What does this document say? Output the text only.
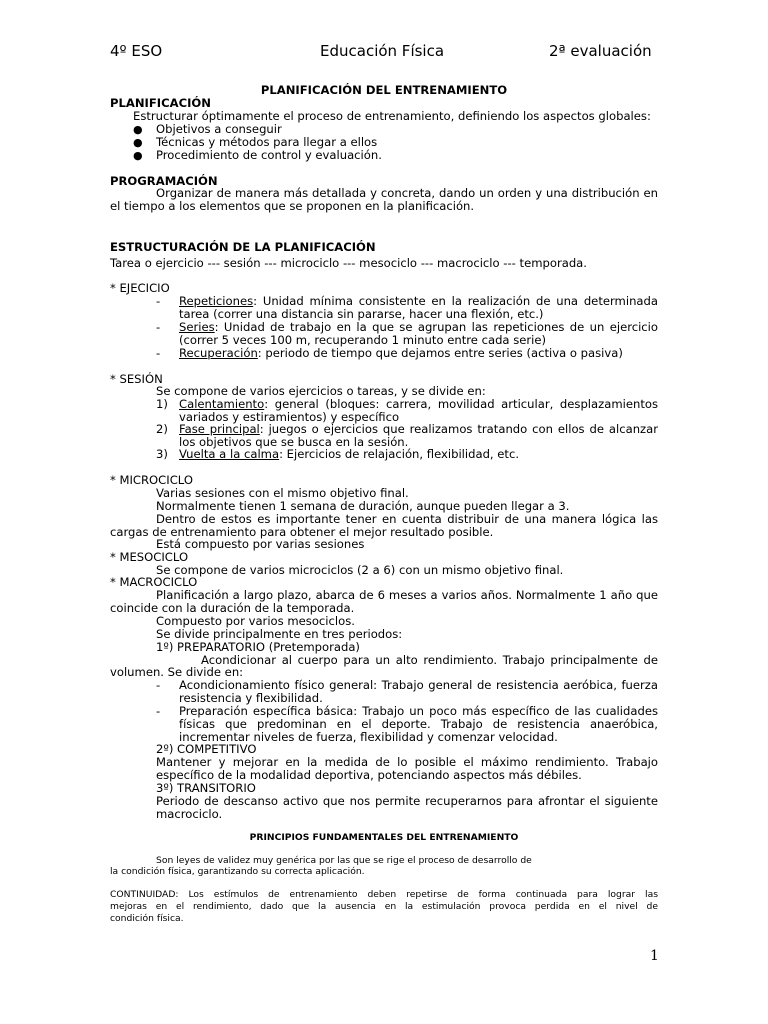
4º ESO	Educación Física	2ª evaluación
PLANIFICACIÓN DEL ENTRENAMIENTO
PLANIFICACIÓN
Estructurar óptimamente el proceso de entrenamiento, definiendo los aspectos globales:
● Objetivos a conseguir
● Técnicas y métodos para llegar a ellos
● Procedimiento de control y evaluación.
PROGRAMACIÓN
Organizar de manera más detallada y concreta, dando un orden y una distribución en
el tiempo a los elementos que se proponen en la planificación.
ESTRUCTURACIÓN DE LA PLANIFICACIÓN
Tarea o ejercicio --- sesión --- microciclo --- mesociclo --- macrociclo --- temporada.
* EJECICIO
- Repeticiones: Unidad mínima consistente en la realización de una determinada
tarea (correr una distancia sin pararse, hacer una flexión, etc.)
- Series: Unidad de trabajo en la que se agrupan las repeticiones de un ejercicio
(correr 5 veces 100 m, recuperando 1 minuto entre cada serie)
- Recuperación: periodo de tiempo que dejamos entre series (activa o pasiva)
* SESIÓN
Se compone de varios ejercicios o tareas, y se divide en:
1) Calentamiento: general (bloques: carrera, movilidad articular, desplazamientos
variados y estiramientos) y específico
2) Fase principal: juegos o ejercicios que realizamos tratando con ellos de alcanzar
los objetivos que se busca en la sesión.
3) Vuelta a la calma: Ejercicios de relajación, flexibilidad, etc.
* MICROCICLO
Varias sesiones con el mismo objetivo final.
Normalmente tienen 1 semana de duración, aunque pueden llegar a 3.
Dentro de estos es importante tener en cuenta distribuir de una manera lógica las
cargas de entrenamiento para obtener el mejor resultado posible.
Está compuesto por varias sesiones
* MESOCICLO
Se compone de varios microciclos (2 a 6) con un mismo objetivo final.
* MACROCICLO
Planificación a largo plazo, abarca de 6 meses a varios años. Normalmente 1 año que
coincide con la duración de la temporada.
Compuesto por varios mesociclos.
Se divide principalmente en tres periodos:
1º) PREPARATORIO (Pretemporada)
Acondicionar al cuerpo para un alto rendimiento. Trabajo principalmente de
volumen. Se divide en:
- Acondicionamiento físico general: Trabajo general de resistencia aeróbica, fuerza
resistencia y flexibilidad.
- Preparación específica básica: Trabajo un poco más específico de las cualidades
físicas que predominan en el deporte. Trabajo de resistencia anaeróbica,
incrementar niveles de fuerza, flexibilidad y comenzar velocidad.
2º) COMPETITIVO
Mantener y mejorar en la medida de lo posible el máximo rendimiento. Trabajo
específico de la modalidad deportiva, potenciando aspectos más débiles.
3º) TRANSITORIO
Periodo de descanso activo que nos permite recuperarnos para afrontar el siguiente
macrociclo.
PRINCIPIOS FUNDAMENTALES DEL ENTRENAMIENTO
Son leyes de validez muy genérica por las que se rige el proceso de desarrollo de
la condición física, garantizando su correcta aplicación.
CONTINUIDAD: Los estímulos de entrenamiento deben repetirse de forma continuada para lograr las
mejoras en el rendimiento, dado que la ausencia en la estimulación provoca perdida en el nivel de
condición física.
1
